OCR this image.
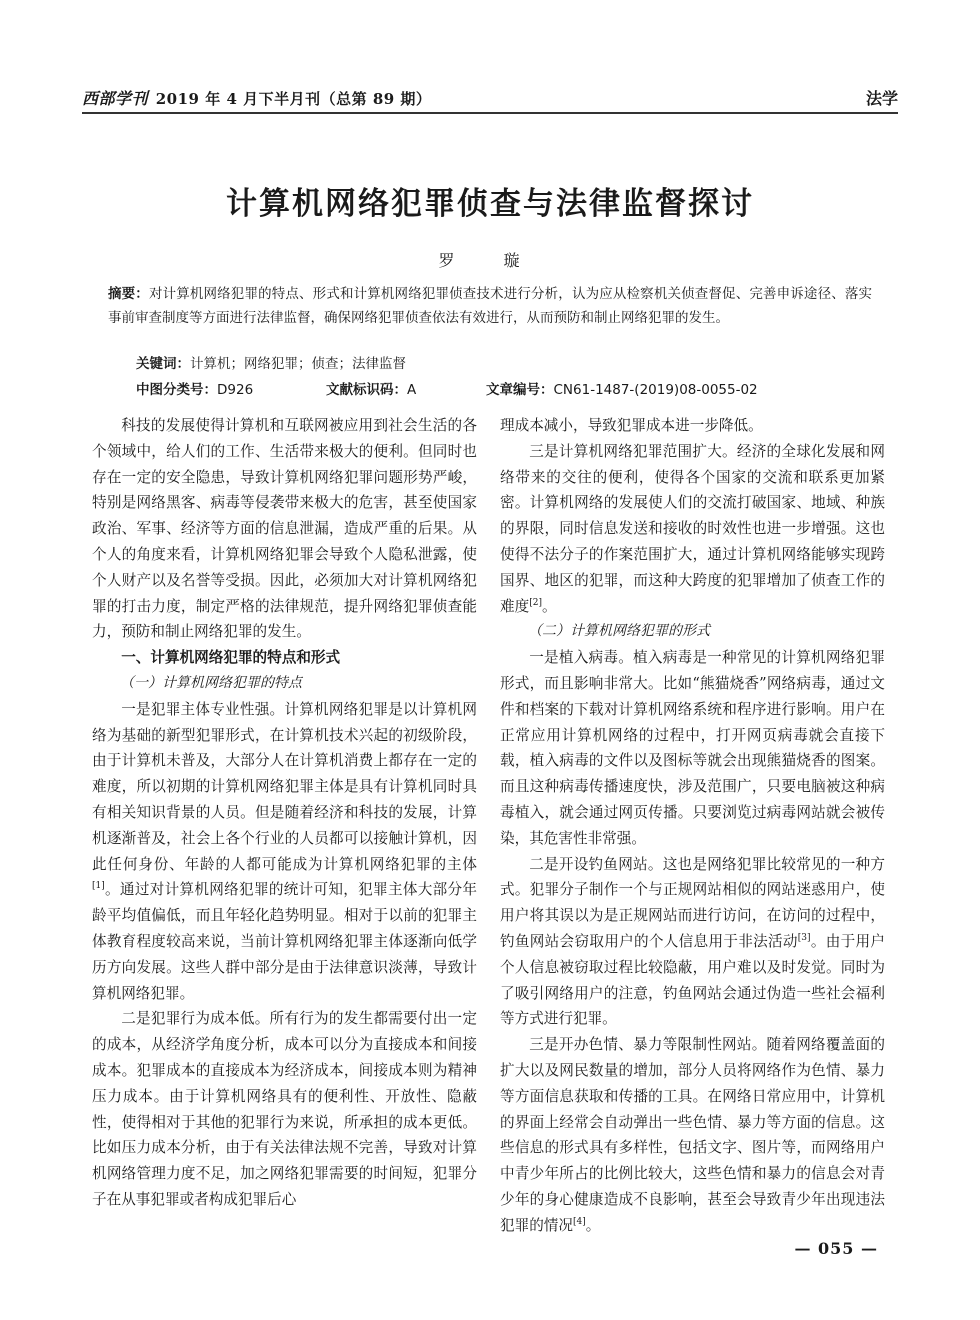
西部学刊 2019 年 4 月下半月刊（总第 89 期）	法学
计算机网络犯罪侦查与法律监督探讨
罗 璇
摘要：对计算机网络犯罪的特点、形式和计算机网络犯罪侦查技术进行分析，认为应从检察机关侦查督促、完善申诉途径、落实事前审查制度等方面进行法律监督，确保网络犯罪侦查依法有效进行，从而预防和制止网络犯罪的发生。
关键词：计算机；网络犯罪；侦查；法律监督
中图分类号：D926	文献标识码：A	文章编号：CN61-1487-(2019)08-0055-02

科技的发展使得计算机和互联网被应用到社会生活的各个领域中，给人们的工作、生活带来极大的便利。但同时也存在一定的安全隐患，导致计算机网络犯罪问题形势严峻，特别是网络黑客、病毒等侵袭带来极大的危害，甚至使国家政治、军事、经济等方面的信息泄漏，造成严重的后果。从个人的角度来看，计算机网络犯罪会导致个人隐私泄露，使个人财产以及名誉等受损。因此，必须加大对计算机网络犯罪的打击力度，制定严格的法律规范，提升网络犯罪侦查能力，预防和制止网络犯罪的发生。

一、计算机网络犯罪的特点和形式

（一）计算机网络犯罪的特点

一是犯罪主体专业性强。计算机网络犯罪是以计算机网络为基础的新型犯罪形式，在计算机技术兴起的初级阶段，由于计算机未普及，大部分人在计算机消费上都存在一定的难度，所以初期的计算机网络犯罪主体是具有计算机同时具有相关知识背景的人员。但是随着经济和科技的发展，计算机逐渐普及，社会上各个行业的人员都可以接触计算机，因此任何身份、年龄的人都可能成为计算机网络犯罪的主体[1]。通过对计算机网络犯罪的统计可知，犯罪主体大部分年龄平均值偏低，而且年轻化趋势明显。相对于以前的犯罪主体教育程度较高来说，当前计算机网络犯罪主体逐渐向低学历方向发展。这些人群中部分是由于法律意识淡薄，导致计算机网络犯罪。

二是犯罪行为成本低。所有行为的发生都需要付出一定的成本，从经济学角度分析，成本可以分为直接成本和间接成本。犯罪成本的直接成本为经济成本，间接成本则为精神压力成本。由于计算机网络具有的便利性、开放性、隐蔽性，使得相对于其他的犯罪行为来说，所承担的成本更低。比如压力成本分析，由于有关法律法规不完善，导致对计算机网络管理力度不足，加之网络犯罪需要的时间短，犯罪分子在从事犯罪或者构成犯罪后心

理成本减小，导致犯罪成本进一步降低。

三是计算机网络犯罪范围扩大。经济的全球化发展和网络带来的交往的便利，使得各个国家的交流和联系更加紧密。计算机网络的发展使人们的交流打破国家、地域、种族的界限，同时信息发送和接收的时效性也进一步增强。这也使得不法分子的作案范围扩大，通过计算机网络能够实现跨国界、地区的犯罪，而这种大跨度的犯罪增加了侦查工作的难度[2]。

（二）计算机网络犯罪的形式

一是植入病毒。植入病毒是一种常见的计算机网络犯罪形式，而且影响非常大。比如“熊猫烧香”网络病毒，通过文件和档案的下载对计算机网络系统和程序进行影响。用户在正常应用计算机网络的过程中，打开网页病毒就会直接下载，植入病毒的文件以及图标等就会出现熊猫烧香的图案。而且这种病毒传播速度快，涉及范围广，只要电脑被这种病毒植入，就会通过网页传播。只要浏览过病毒网站就会被传染，其危害性非常强。

二是开设钓鱼网站。这也是网络犯罪比较常见的一种方式。犯罪分子制作一个与正规网站相似的网站迷惑用户，使用户将其误以为是正规网站而进行访问，在访问的过程中，钓鱼网站会窃取用户的个人信息用于非法活动[3]。由于用户个人信息被窃取过程比较隐蔽，用户难以及时发觉。同时为了吸引网络用户的注意，钓鱼网站会通过伪造一些社会福利等方式进行犯罪。

三是开办色情、暴力等限制性网站。随着网络覆盖面的扩大以及网民数量的增加，部分人员将网络作为色情、暴力等方面信息获取和传播的工具。在网络日常应用中，计算机的界面上经常会自动弹出一些色情、暴力等方面的信息。这些信息的形式具有多样性，包括文字、图片等，而网络用户中青少年所占的比例比较大，这些色情和暴力的信息会对青少年的身心健康造成不良影响，甚至会导致青少年出现违法犯罪的情况[4]。

— 055 —
